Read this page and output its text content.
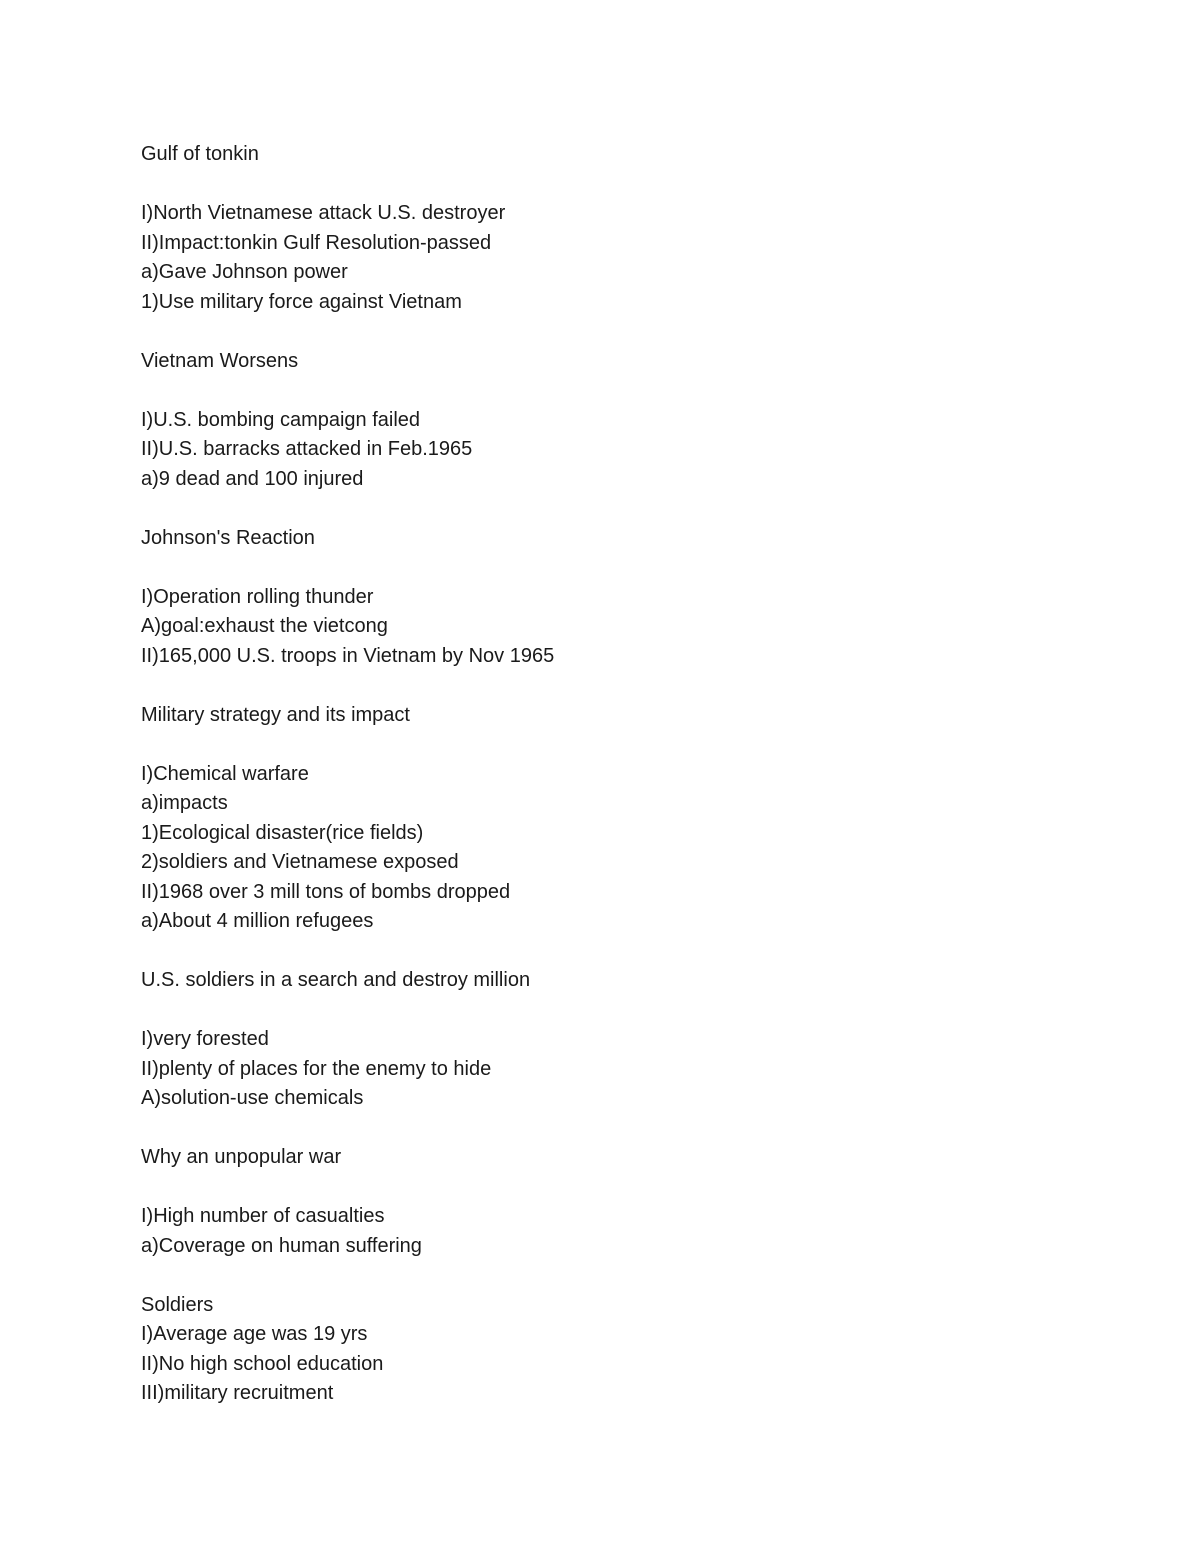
Gulf of tonkin
I)North Vietnamese attack U.S. destroyer
II)Impact:tonkin Gulf Resolution-passed
a)Gave Johnson power
1)Use military force against Vietnam
Vietnam Worsens
I)U.S. bombing campaign failed
II)U.S. barracks attacked in Feb.1965
a)9 dead and 100 injured
Johnson's Reaction
I)Operation rolling thunder
A)goal:exhaust the vietcong
II)165,000 U.S. troops in Vietnam by Nov 1965
Military strategy and its impact
I)Chemical warfare
a)impacts
1)Ecological disaster(rice fields)
2)soldiers and Vietnamese exposed
II)1968 over 3 mill tons of bombs dropped
a)About 4 million refugees
U.S. soldiers in a search and destroy million
I)very forested
II)plenty of places for the enemy to hide
A)solution-use chemicals
Why an unpopular war
I)High number of casualties
a)Coverage on human suffering
Soldiers
I)Average age was 19 yrs
II)No high school education
III)military recruitment
